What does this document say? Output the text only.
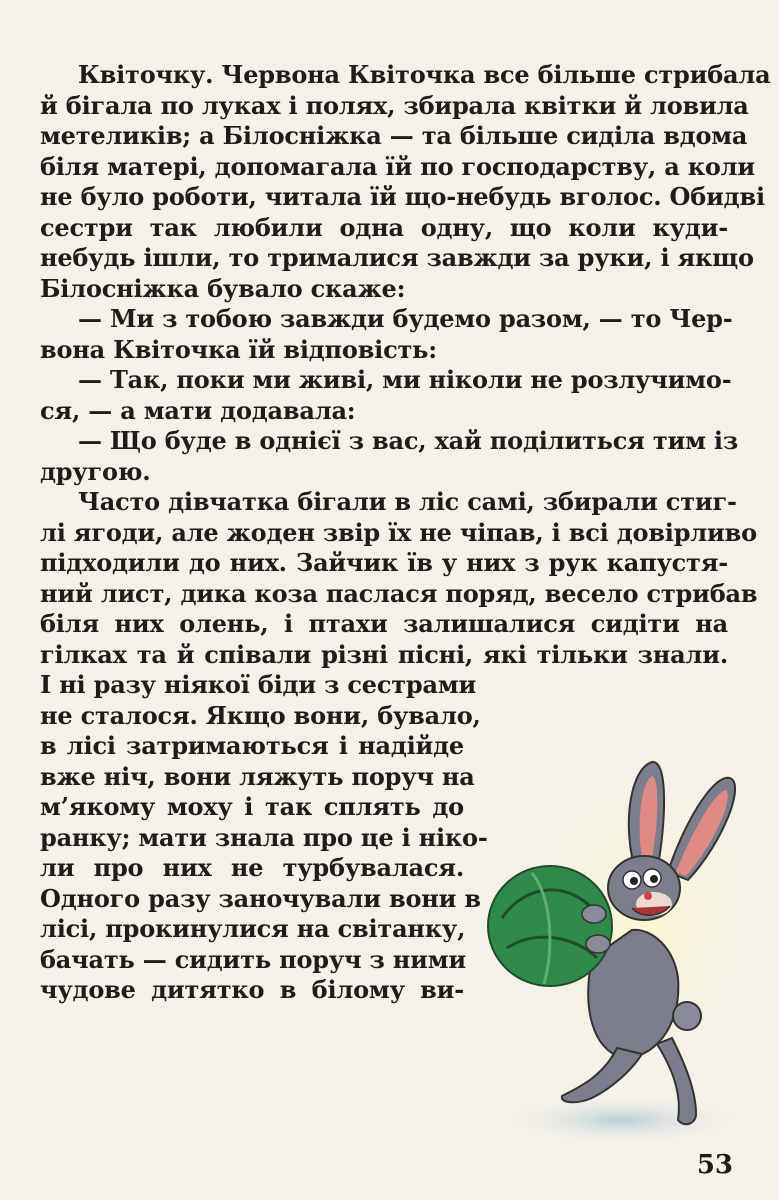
Квіточку. Червона Квіточка все більше стрибала
й бігала по луках і полях, збирала квітки й ловила
метеликів; а Білосніжка — та більше сиділа вдома
біля матері, допомагала їй по господарству, а коли
не було роботи, читала їй що-небудь вголос. Обидві
сестри так любили одна одну, що коли куди-
небудь ішли, то трималися завжди за руки, і якщо
Білосніжка бувало скаже:
— Ми з тобою завжди будемо разом, — то Чер-
вона Квіточка їй відповість:
— Так, поки ми живі, ми ніколи не розлучимо-
ся, — а мати додавала:
— Що буде в однієї з вас, хай поділиться тим із
другою.
Часто дівчатка бігали в ліс самі, збирали стиг-
лі ягоди, але жоден звір їх не чіпав, і всі довірливо
підходили до них. Зайчик їв у них з рук капустя-
ний лист, дика коза паслася поряд, весело стрибав
біля них олень, і птахи залишалися сидіти на
гілках та й співали різні пісні, які тільки знали.
І ні разу ніякої біди з сестрами
не сталося. Якщо вони, бувало,
в лісі затримаються і надійде
вже ніч, вони ляжуть поруч на
м’якому моху і так сплять до
ранку; мати знала про це і ніко-
ли про них не турбувалася.
Одного разу заночували вони в
лісі, прокинулися на світанку,
бачать — сидить поруч з ними
чудове дитятко в білому ви-
53
